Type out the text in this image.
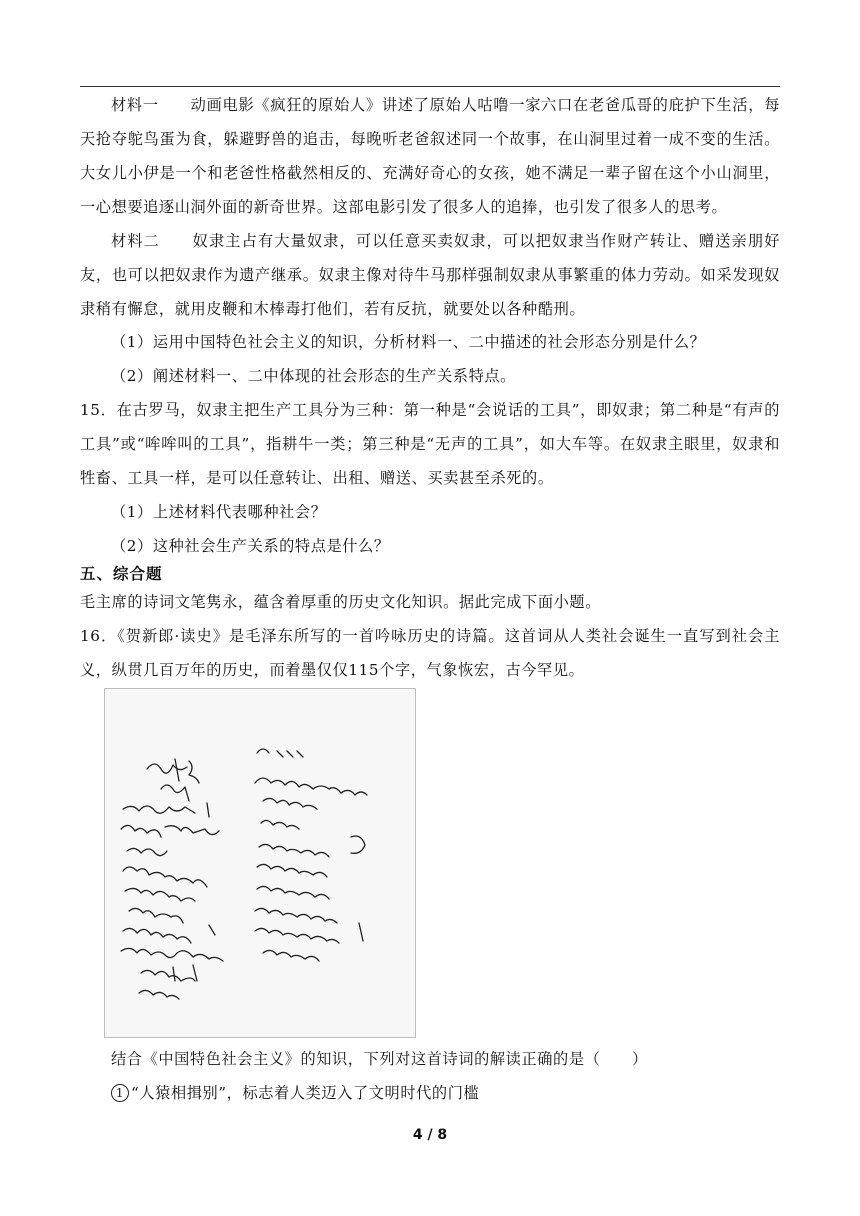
材料一　　动画电影《疯狂的原始人》讲述了原始人咕噜一家六口在老爸瓜哥的庇护下生活，每天抢夺鸵鸟蛋为食，躲避野兽的追击，每晚听老爸叙述同一个故事，在山洞里过着一成不变的生活。大女儿小伊是一个和老爸性格截然相反的、充满好奇心的女孩，她不满足一辈子留在这个小山洞里，一心想要追逐山洞外面的新奇世界。这部电影引发了很多人的追捧，也引发了很多人的思考。
材料二　　奴隶主占有大量奴隶，可以任意买卖奴隶，可以把奴隶当作财产转让、赠送亲朋好友，也可以把奴隶作为遗产继承。奴隶主像对待牛马那样强制奴隶从事繁重的体力劳动。如采发现奴隶稍有懈怠，就用皮鞭和木棒毒打他们，若有反抗，就要处以各种酷刑。
（1）运用中国特色社会主义的知识，分析材料一、二中描述的社会形态分别是什么？
（2）阐述材料一、二中体现的社会形态的生产关系特点。
15．在古罗马，奴隶主把生产工具分为三种：第一种是“会说话的工具”，即奴隶；第二种是“有声的工具”或“哞哞叫的工具”，指耕牛一类；第三种是“无声的工具”，如大车等。在奴隶主眼里，奴隶和牲畜、工具一样，是可以任意转让、出租、赠送、买卖甚至杀死的。
（1）上述材料代表哪种社会？
（2）这种社会生产关系的特点是什么？
五、综合题
毛主席的诗词文笔隽永，蕴含着厚重的历史文化知识。据此完成下面小题。
16．《贺新郎·读史》是毛泽东所写的一首吟咏历史的诗篇。这首词从人类社会诞生一直写到社会主义，纵贯几百万年的历史，而着墨仅仅115个字，气象恢宏，古今罕见。
结合《中国特色社会主义》的知识，下列对这首诗词的解读正确的是（　　）
1 “人猿相揖别”，标志着人类迈入了文明时代的门槛
4 / 8
